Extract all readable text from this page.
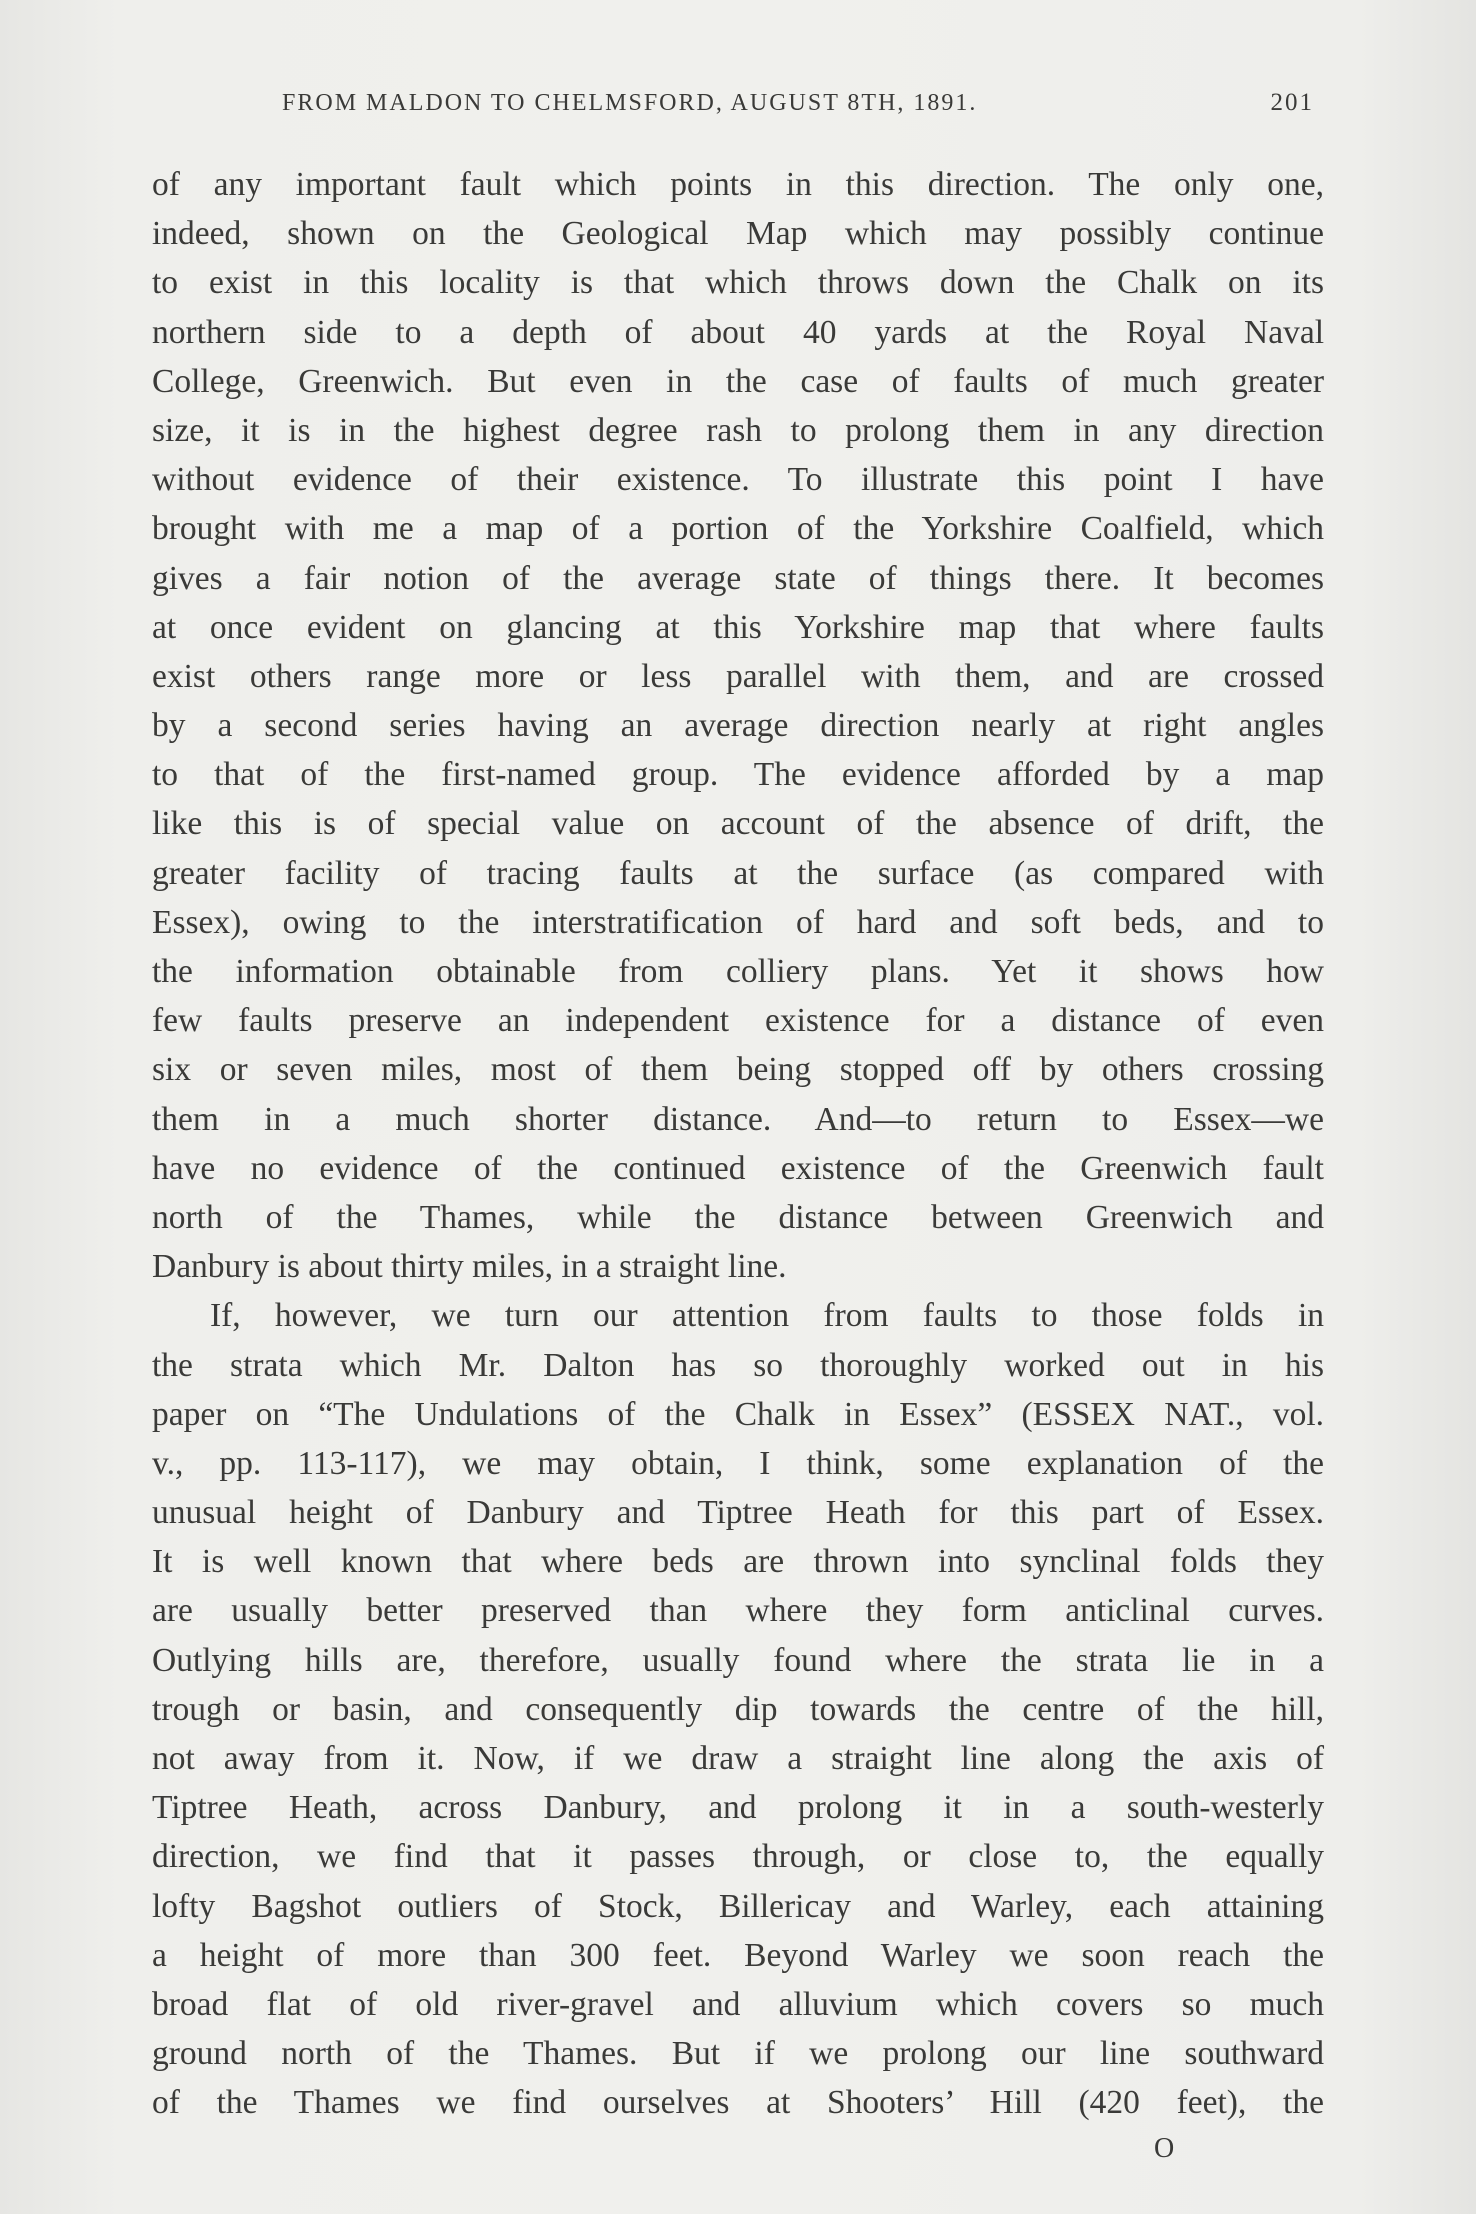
FROM MALDON TO CHELMSFORD, AUGUST 8TH, 1891.	201
of any important fault which points in this direction. The only one,
indeed, shown on the Geological Map which may possibly continue
to exist in this locality is that which throws down the Chalk on its
northern side to a depth of about 40 yards at the Royal Naval
College, Greenwich. But even in the case of faults of much greater
size, it is in the highest degree rash to prolong them in any direction
without evidence of their existence. To illustrate this point I have
brought with me a map of a portion of the Yorkshire Coalfield, which
gives a fair notion of the average state of things there. It becomes
at once evident on glancing at this Yorkshire map that where faults
exist others range more or less parallel with them, and are crossed
by a second series having an average direction nearly at right angles
to that of the first-named group. The evidence afforded by a map
like this is of special value on account of the absence of drift, the
greater facility of tracing faults at the surface (as compared with
Essex), owing to the interstratification of hard and soft beds, and to
the information obtainable from colliery plans. Yet it shows how
few faults preserve an independent existence for a distance of even
six or seven miles, most of them being stopped off by others crossing
them in a much shorter distance. And—to return to Essex—we
have no evidence of the continued existence of the Greenwich fault
north of the Thames, while the distance between Greenwich and
Danbury is about thirty miles, in a straight line.
If, however, we turn our attention from faults to those folds in
the strata which Mr. Dalton has so thoroughly worked out in his
paper on “The Undulations of the Chalk in Essex” (ESSEX NAT., vol.
v., pp. 113-117), we may obtain, I think, some explanation of the
unusual height of Danbury and Tiptree Heath for this part of Essex.
It is well known that where beds are thrown into synclinal folds they
are usually better preserved than where they form anticlinal curves.
Outlying hills are, therefore, usually found where the strata lie in a
trough or basin, and consequently dip towards the centre of the hill,
not away from it. Now, if we draw a straight line along the axis of
Tiptree Heath, across Danbury, and prolong it in a south-westerly
direction, we find that it passes through, or close to, the equally
lofty Bagshot outliers of Stock, Billericay and Warley, each attaining
a height of more than 300 feet. Beyond Warley we soon reach the
broad flat of old river-gravel and alluvium which covers so much
ground north of the Thames. But if we prolong our line southward
of the Thames we find ourselves at Shooters’ Hill (420 feet), the
O
